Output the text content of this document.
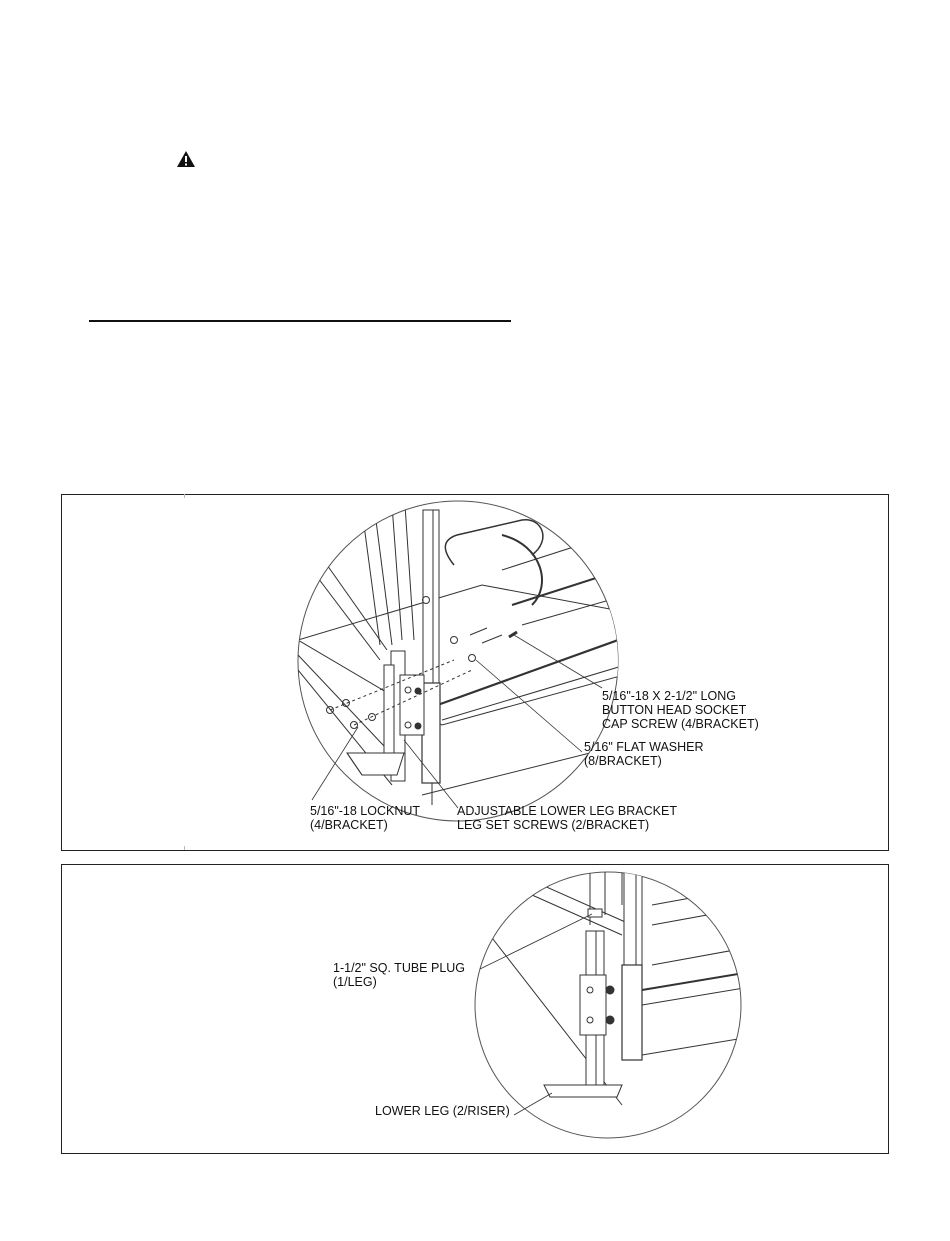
5/16"-18 X 2-1/2" LONG
BUTTON HEAD SOCKET
CAP SCREW (4/BRACKET)

5/16" FLAT WASHER
(8/BRACKET)

5/16"-18 LOCKNUT
(4/BRACKET)

ADJUSTABLE LOWER LEG BRACKET
LEG SET SCREWS (2/BRACKET)

1-1/2" SQ. TUBE PLUG
(1/LEG)

LOWER LEG (2/RISER)
